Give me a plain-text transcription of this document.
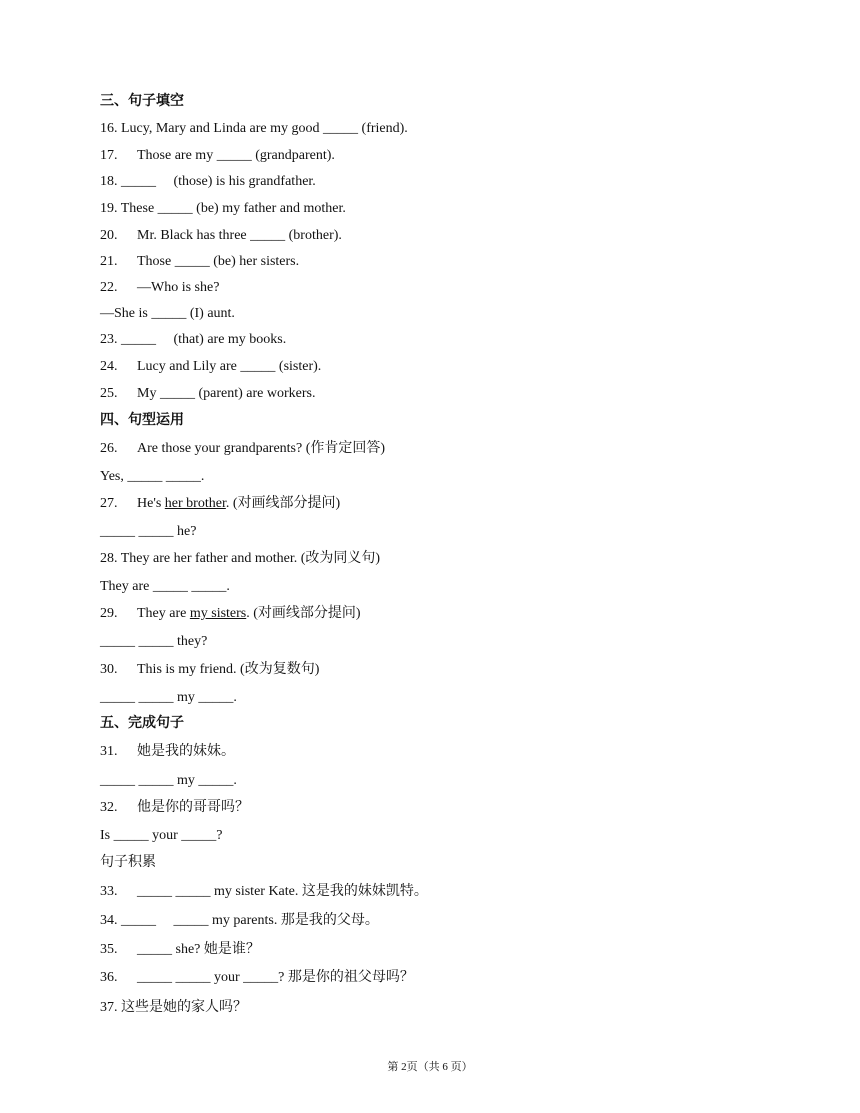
三、句子填空
16. Lucy, Mary and Linda are my good _____ (friend).
17. Those are my _____ (grandparent).
18. _____     (those) is his grandfather.
19. These _____ (be) my father and mother.
20. Mr. Black has three _____ (brother).
21. Those _____ (be) her sisters.
22. —Who is she?
—She is _____ (I) aunt.
23. _____     (that) are my books.
24. Lucy and Lily are _____ (sister).
25. My _____ (parent) are workers.
四、句型运用
26. Are those your grandparents? (作肯定回答)
Yes, _____ _____.
27. He's her brother. (对画线部分提问)
_____ _____ he?
28. They are her father and mother. (改为同义句)
They are _____ _____.
29. They are my sisters. (对画线部分提问)
_____ _____ they?
30. This is my friend. (改为复数句)
_____ _____ my _____.
五、完成句子
31. 她是我的妹妹。
_____ _____ my _____.
32. 他是你的哥哥吗？
Is _____ your _____?
句子积累
33. _____ _____ my sister Kate. 这是我的妹妹凯特。
34. _____     _____ my parents. 那是我的父母。
35. _____ she? 她是谁？
36. _____ _____ your _____? 那是你的祖父母吗？
37. 这些是她的家人吗？
第 2页（共 6 页）
